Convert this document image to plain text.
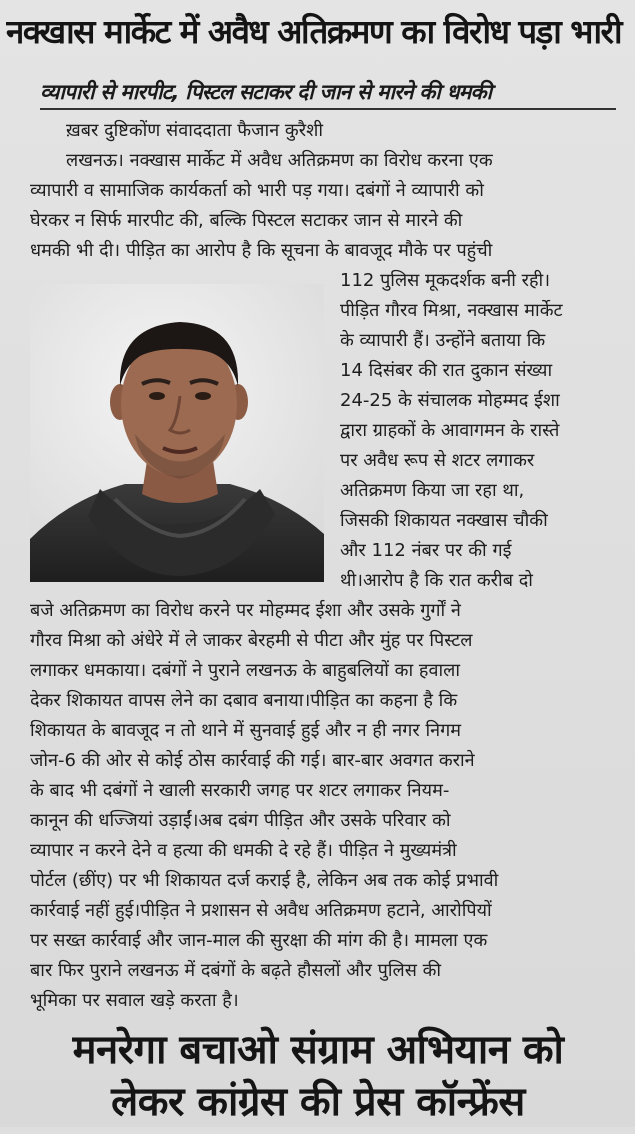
नक्खास मार्केट में अवैध अतिक्रमण का विरोध पड़ा भारी
व्यापारी से मारपीट, पिस्टल सटाकर दी जान से मारने की धमकी
ख़बर दुष्टिकोंण संवाददाता फैजान कुरैशी
लखनऊ। नक्खास मार्केट में अवैध अतिक्रमण का विरोध करना एक
व्यापारी व सामाजिक कार्यकर्ता को भारी पड़ गया। दबंगों ने व्यापारी को
घेरकर न सिर्फ मारपीट की, बल्कि पिस्टल सटाकर जान से मारने की
धमकी भी दी। पीड़ित का आरोप है कि सूचना के बावजूद मौके पर पहुंची
112 पुलिस मूकदर्शक बनी रही।
पीड़ित गौरव मिश्रा, नक्खास मार्केट
के व्यापारी हैं। उन्होंने बताया कि
14 दिसंबर की रात दुकान संख्या
24-25 के संचालक मोहम्मद ईशा
द्वारा ग्राहकों के आवागमन के रास्ते
पर अवैध रूप से शटर लगाकर
अतिक्रमण किया जा रहा था,
जिसकी शिकायत नक्खास चौकी
और 112 नंबर पर की गई
थी।आरोप है कि रात करीब दो
बजे अतिक्रमण का विरोध करने पर मोहम्मद ईशा और उसके गुर्गों ने
गौरव मिश्रा को अंधेरे में ले जाकर बेरहमी से पीटा और मुंह पर पिस्टल
लगाकर धमकाया। दबंगों ने पुराने लखनऊ के बाहुबलियों का हवाला
देकर शिकायत वापस लेने का दबाव बनाया।पीड़ित का कहना है कि
शिकायत के बावजूद न तो थाने में सुनवाई हुई और न ही नगर निगम
जोन-6 की ओर से कोई ठोस कार्रवाई की गई। बार-बार अवगत कराने
के बाद भी दबंगों ने खाली सरकारी जगह पर शटर लगाकर नियम-
कानून की धज्जियां उड़ाईं।अब दबंग पीड़ित और उसके परिवार को
व्यापार न करने देने व हत्या की धमकी दे रहे हैं। पीड़ित ने मुख्यमंत्री
पोर्टल (छींए) पर भी शिकायत दर्ज कराई है, लेकिन अब तक कोई प्रभावी
कार्रवाई नहीं हुई।पीड़ित ने प्रशासन से अवैध अतिक्रमण हटाने, आरोपियों
पर सख्त कार्रवाई और जान-माल की सुरक्षा की मांग की है। मामला एक
बार फिर पुराने लखनऊ में दबंगों के बढ़ते हौसलों और पुलिस की
भूमिका पर सवाल खड़े करता है।
मनरेगा बचाओ संग्राम अभियान को
लेकर कांग्रेस की प्रेस कॉन्फ्रेंस
